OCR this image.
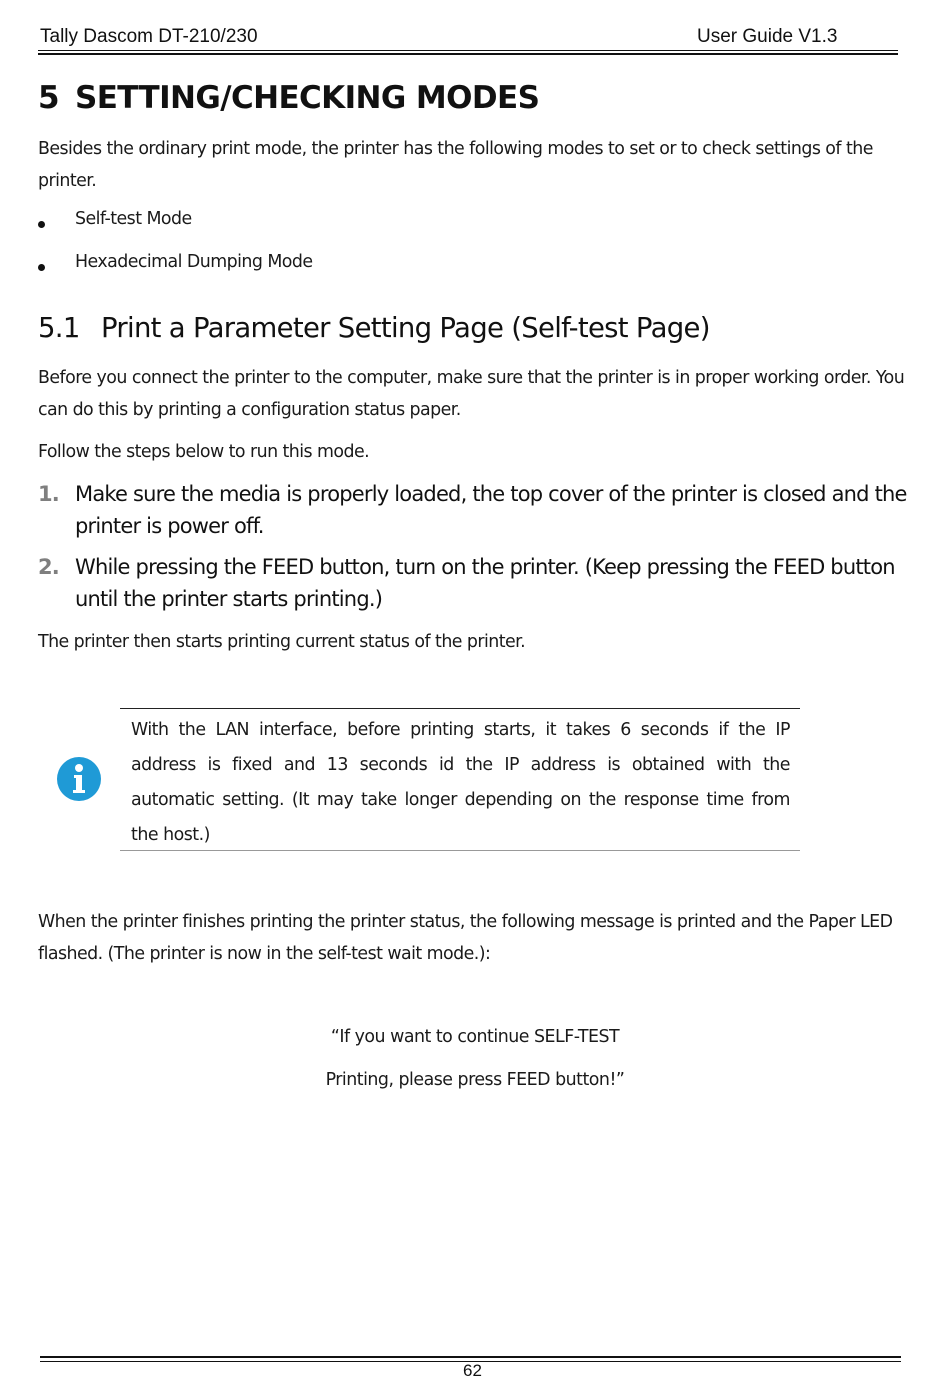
Tally Dascom DT-210/230	User Guide V1.3
5 SETTING/CHECKING MODES
Besides the ordinary print mode, the printer has the following modes to set or to check settings of the printer.
Self-test Mode
Hexadecimal Dumping Mode
5.1 Print a Parameter Setting Page (Self-test Page)
Before you connect the printer to the computer, make sure that the printer is in proper working order. You can do this by printing a configuration status paper.
Follow the steps below to run this mode.
1. Make sure the media is properly loaded, the top cover of the printer is closed and the printer is power off.
2. While pressing the FEED button, turn on the printer. (Keep pressing the FEED button until the printer starts printing.)
The printer then starts printing current status of the printer.
With the LAN interface, before printing starts, it takes 6 seconds if the IP address is fixed and 13 seconds id the IP address is obtained with the automatic setting. (It may take longer depending on the response time from the host.)
When the printer finishes printing the printer status, the following message is printed and the Paper LED flashed. (The printer is now in the self-test wait mode.):
“If you want to continue SELF-TEST
Printing, please press FEED button!”
62
